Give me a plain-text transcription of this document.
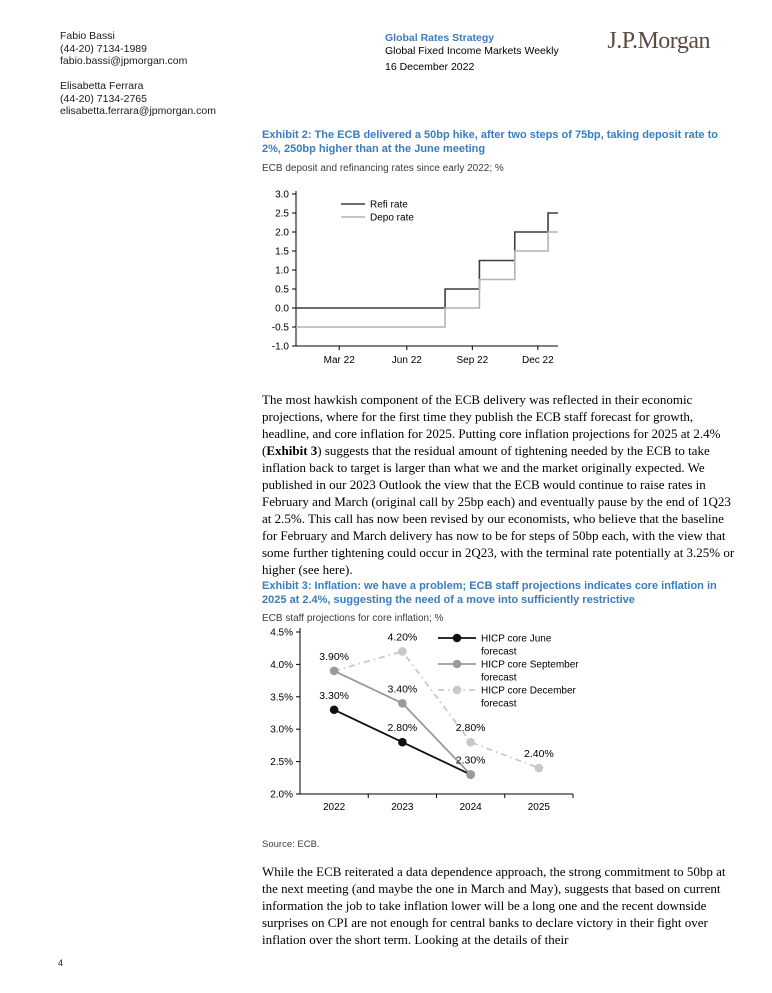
Fabio Bassi
(44-20) 7134-1989
fabio.bassi@jpmorgan.com
Elisabetta Ferrara
(44-20) 7134-2765
elisabetta.ferrara@jpmorgan.com
Global Rates Strategy
Global Fixed Income Markets Weekly
16 December 2022
J.P.Morgan
Exhibit 2: The ECB delivered a 50bp hike, after two steps of 75bp, taking deposit rate to 2%, 250bp higher than at the June meeting
ECB deposit and refinancing rates since early 2022; %
-1.0
-0.5
0.0
0.5
1.0
1.5
2.0
2.5
3.0
Mar 22	Jun 22	Sep 22	Dec 22
Refi rate
Depo rate
The most hawkish component of the ECB delivery was reflected in their economic projections, where for the first time they publish the ECB staff forecast for growth, headline, and core inflation for 2025. Putting core inflation projections for 2025 at 2.4% (Exhibit 3) suggests that the residual amount of tightening needed by the ECB to take inflation back to target is larger than what we and the market originally expected. We published in our 2023 Outlook the view that the ECB would continue to raise rates in February and March (original call by 25bp each) and eventually pause by the end of 1Q23 at 2.5%. This call has now been revised by our economists, who believe that the baseline for February and March delivery has now to be for steps of 50bp each, with the view that some further tightening could occur in 2Q23, with the terminal rate potentially at 3.25% or higher (see here).
Exhibit 3: Inflation: we have a problem; ECB staff projections indicates core inflation in 2025 at 2.4%, suggesting the need of a move into sufficiently restrictive
ECB staff projections for core inflation; %
2.0%
2.5%
3.0%
3.5%
4.0%
4.5%
2022	2023	2024	2025
3.30%
3.90%
4.20%
3.40%
2.80%	2.80%
2.30%
2.40%
HICP core June
forecast
HICP core September
forecast
HICP core December
forecast
Source: ECB.
While the ECB reiterated a data dependence approach, the strong commitment to 50bp at the next meeting (and maybe the one in March and May), suggests that based on current information the job to take inflation lower will be a long one and the recent downside surprises on CPI are not enough for central banks to declare victory in their fight over inflation over the short term. Looking at the details of their
4
